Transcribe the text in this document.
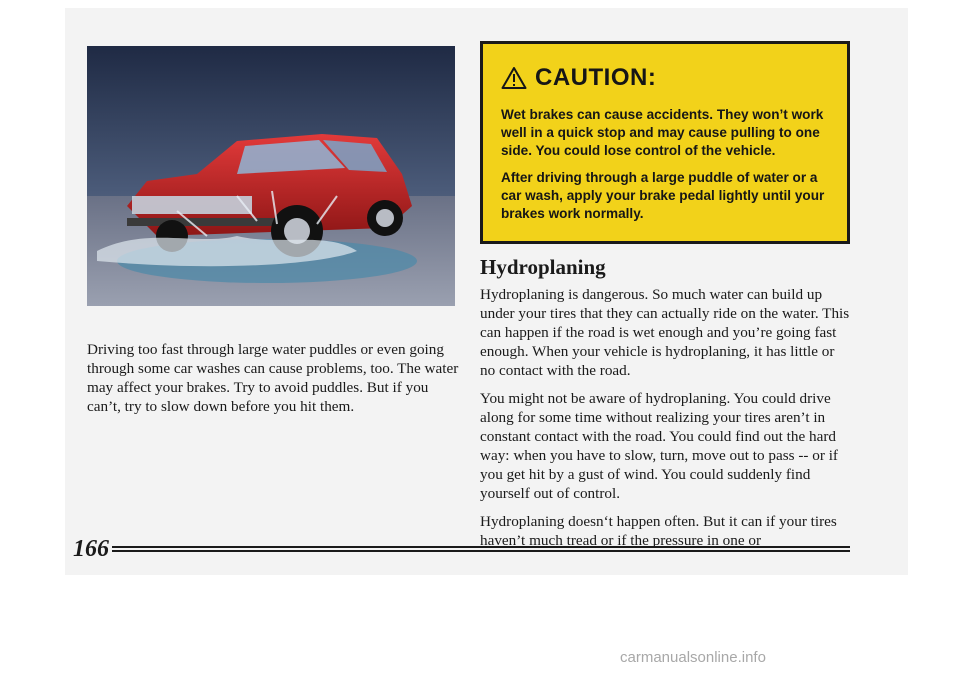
Driving too fast through large water puddles or even going through some car washes can cause problems, too. The water may affect your brakes. Try to avoid puddles. But if you can’t, try to slow down before you hit them.

CAUTION:

Wet brakes can cause accidents. They won’t work well in a quick stop and may cause pulling to one side. You could lose control of the vehicle.

After driving through a large puddle of water or a car wash, apply your brake pedal lightly until your brakes work normally.

Hydroplaning

Hydroplaning is dangerous. So much water can build up under your tires that they can actually ride on the water. This can happen if the road is wet enough and you’re going fast enough. When your vehicle is hydroplaning, it has little or no contact with the road.

You might not be aware of hydroplaning. You could drive along for some time without realizing your tires aren’t in constant contact with the road. You could find out the hard way: when you have to slow, turn, move out to pass -- or if you get hit by a gust of wind. You could suddenly find yourself out of control.

Hydroplaning doesn‘t happen often. But it can if your tires haven’t much tread or if the pressure in one or

166

carmanualsonline.info
